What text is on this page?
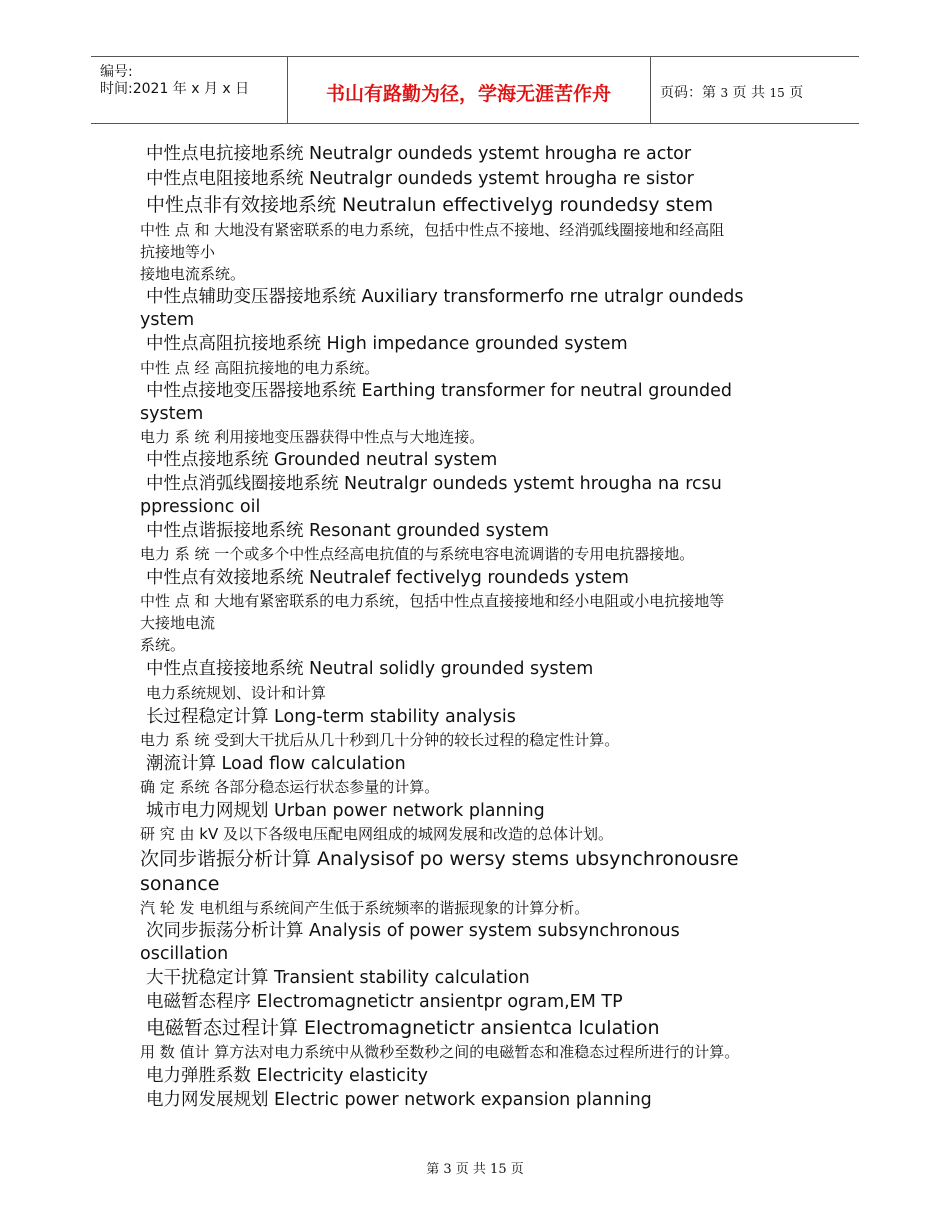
编号:
时间:2021 年 x 月 x 日	书山有路勤为径，学海无涯苦作舟	页码：第 3 页 共 15 页
中性点电抗接地系统 Neutralgr oundeds ystemt hrougha re actor
中性点电阻接地系统 Neutralgr oundeds ystemt hrougha re sistor
中性点非有效接地系统 Neutralun effectivelyg roundedsy stem
中性 点 和 大地没有紧密联系的电力系统，包括中性点不接地、经消弧线圈接地和经高阻
抗接地等小
接地电流系统。
中性点辅助变压器接地系统 Auxiliary transformerfo rne utralgr oundeds
ystem
中性点高阻抗接地系统 High impedance grounded system
中性 点 经 高阻抗接地的电力系统。
中性点接地变压器接地系统 Earthing transformer for neutral grounded
system
电力 系 统 利用接地变压器获得中性点与大地连接。
中性点接地系统 Grounded neutral system
中性点消弧线圈接地系统 Neutralgr oundeds ystemt hrougha na rcsu
ppressionc oil
中性点谐振接地系统 Resonant grounded system
电力 系 统 一个或多个中性点经高电抗值的与系统电容电流调谐的专用电抗器接地。
中性点有效接地系统 Neutralef fectivelyg roundeds ystem
中性 点 和 大地有紧密联系的电力系统，包括中性点直接接地和经小电阻或小电抗接地等
大接地电流
系统。
中性点直接接地系统 Neutral solidly grounded system
电力系统规划、设计和计算
长过程稳定计算 Long-term stability analysis
电力 系 统 受到大干扰后从几十秒到几十分钟的较长过程的稳定性计算。
潮流计算 Load flow calculation
确 定 系统 各部分稳态运行状态参量的计算。
城市电力网规划 Urban power network planning
研 究 由 kV 及以下各级电压配电网组成的城网发展和改造的总体计划。
次同步谐振分析计算 Analysisof po wersy stems ubsynchronousre
sonance
汽 轮 发 电机组与系统间产生低于系统频率的谐振现象的计算分析。
次同步振荡分析计算 Analysis of power system subsynchronous
oscillation
大干扰稳定计算 Transient stability calculation
电磁暂态程序 Electromagnetictr ansientpr ogram,EM TP
电磁暂态过程计算 Electromagnetictr ansientca lculation
用 数 值计 算方法对电力系统中从微秒至数秒之间的电磁暂态和准稳态过程所进行的计算。
电力弹胜系数 Electricity elasticity
电力网发展规划 Electric power network expansion planning
第 3 页 共 15 页
